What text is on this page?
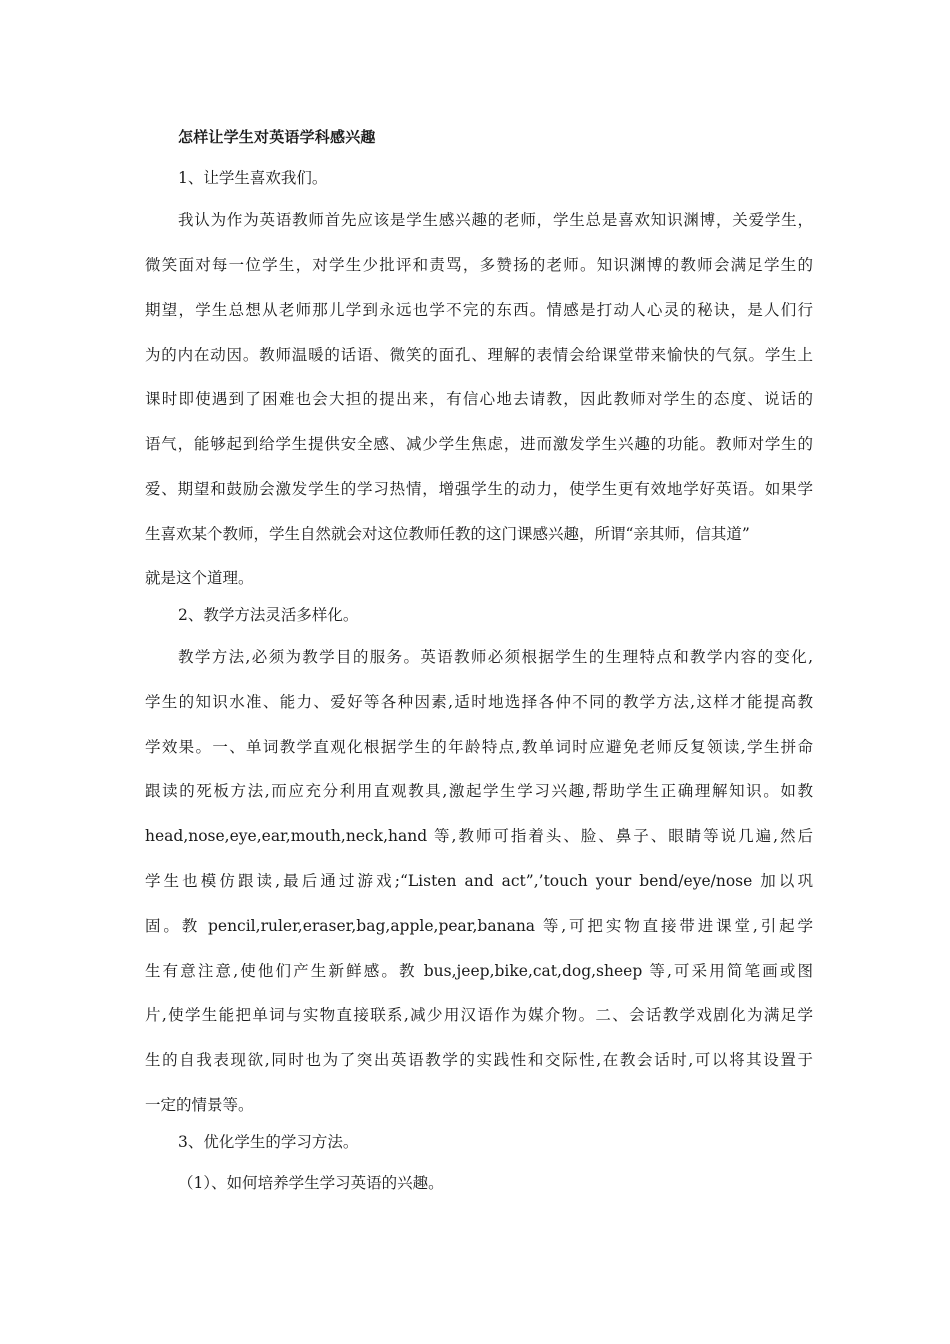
怎样让学生对英语学科感兴趣
1、让学生喜欢我们。
我认为作为英语教师首先应该是学生感兴趣的老师，学生总是喜欢知识渊博，关爱学生，
微笑面对每一位学生，对学生少批评和责骂，多赞扬的老师。知识渊博的教师会满足学生的
期望，学生总想从老师那儿学到永远也学不完的东西。情感是打动人心灵的秘诀，是人们行
为的内在动因。教师温暖的话语、微笑的面孔、理解的表情会给课堂带来愉快的气氛。学生上
课时即使遇到了困难也会大担的提出来，有信心地去请教，因此教师对学生的态度、说话的
语气，能够起到给学生提供安全感、减少学生焦虑，进而激发学生兴趣的功能。教师对学生的
爱、期望和鼓励会激发学生的学习热情，增强学生的动力，使学生更有效地学好英语。如果学
生喜欢某个教师，学生自然就会对这位教师任教的这门课感兴趣，所谓“亲其师，信其道”
就是这个道理。
2、教学方法灵活多样化。
教学方法,必须为教学目的服务。英语教师必须根据学生的生理特点和教学内容的变化,
学生的知识水准、能力、爱好等各种因素,适时地选择各仲不同的教学方法,这样才能提高教
学效果。一、单词教学直观化根据学生的年龄特点,教单词时应避免老师反复领读,学生拼命
跟读的死板方法,而应充分利用直观教具,激起学生学习兴趣,帮助学生正确理解知识。如教
head,nose,eye,ear,mouth,neck,hand 等,教师可指着头、脸、鼻子、眼睛等说几遍,然后
学生也模仿跟读,最后通过游戏;“Listen and act”,’touch your bend/eye/nose 加以巩
固。教 pencil,ruler,eraser,bag,apple,pear,banana 等,可把实物直接带进课堂,引起学
生有意注意,使他们产生新鲜感。教 bus,jeep,bike,cat,dog,sheep 等,可采用简笔画或图
片,使学生能把单词与实物直接联系,减少用汉语作为媒介物。二、会话教学戏剧化为满足学
生的自我表现欲,同时也为了突出英语教学的实践性和交际性,在教会话时,可以将其设置于
一定的情景等。
3、优化学生的学习方法。
（1）、如何培养学生学习英语的兴趣。
